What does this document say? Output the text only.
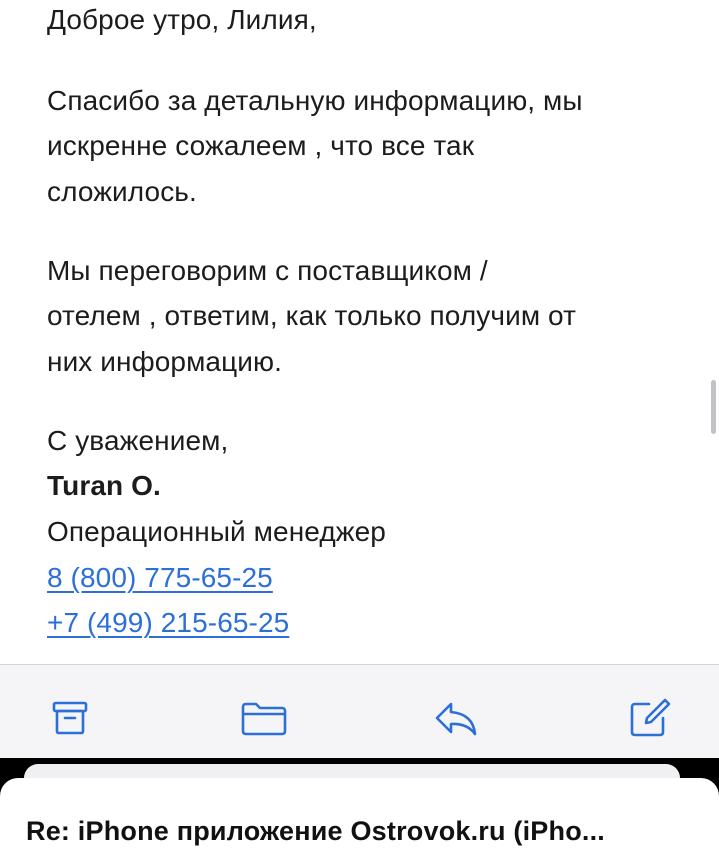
Доброе утро, Лилия,

Спасибо за детальную информацию, мы

искренне сожалеем , что все так

сложилось.

Мы переговорим с поставщиком /

отелем , ответим, как только получим от

них информацию.

С уважением,

Turan O.

Операционный менеджер

8 (800) 775-65-25

+7 (499) 215-65-25

Re: iPhone приложение Ostrovok.ru (iPho...
